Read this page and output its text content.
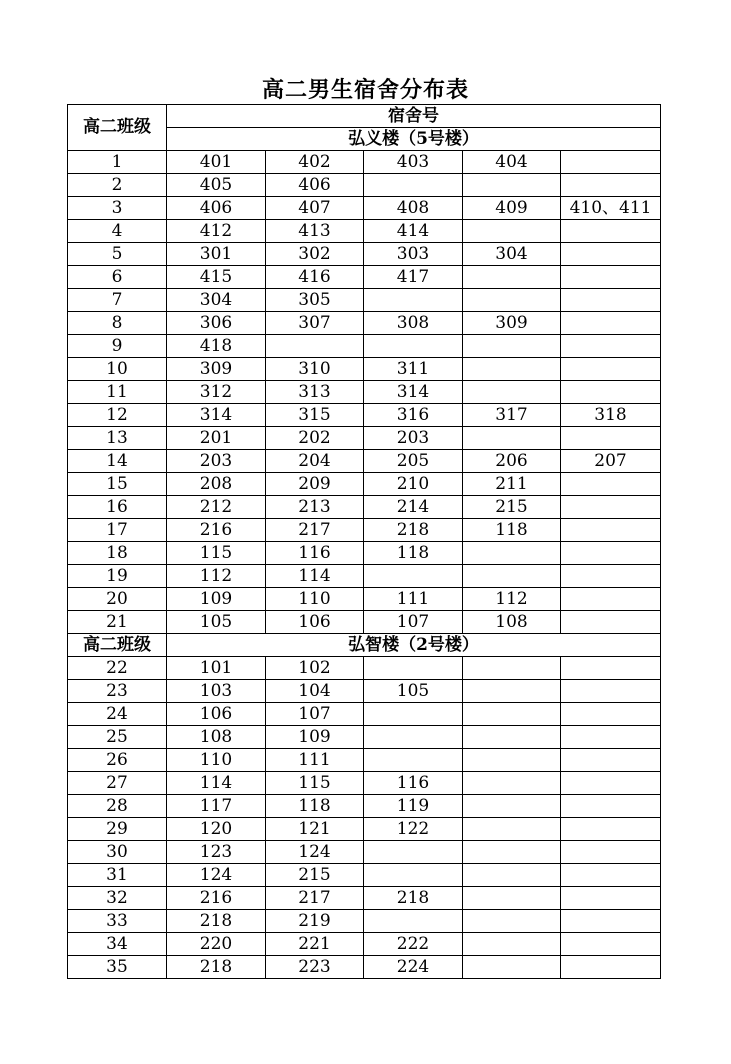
高二男生宿舍分布表
高二班级	宿舍号				
	弘义楼（5号楼）				
1	401	402	403	404	
2	405	406			
3	406	407	408	409	410、411
4	412	413	414		
5	301	302	303	304	
6	415	416	417		
7	304	305			
8	306	307	308	309	
9	418				
10	309	310	311		
11	312	313	314		
12	314	315	316	317	318
13	201	202	203		
14	203	204	205	206	207
15	208	209	210	211	
16	212	213	214	215	
17	216	217	218	118	
18	115	116	118		
19	112	114			
20	109	110	111	112	
21	105	106	107	108	
高二班级	弘智楼（2号楼）				
22	101	102			
23	103	104	105		
24	106	107			
25	108	109			
26	110	111			
27	114	115	116		
28	117	118	119		
29	120	121	122		
30	123	124			
31	124	215			
32	216	217	218		
33	218	219			
34	220	221	222		
35	218	223	224		
